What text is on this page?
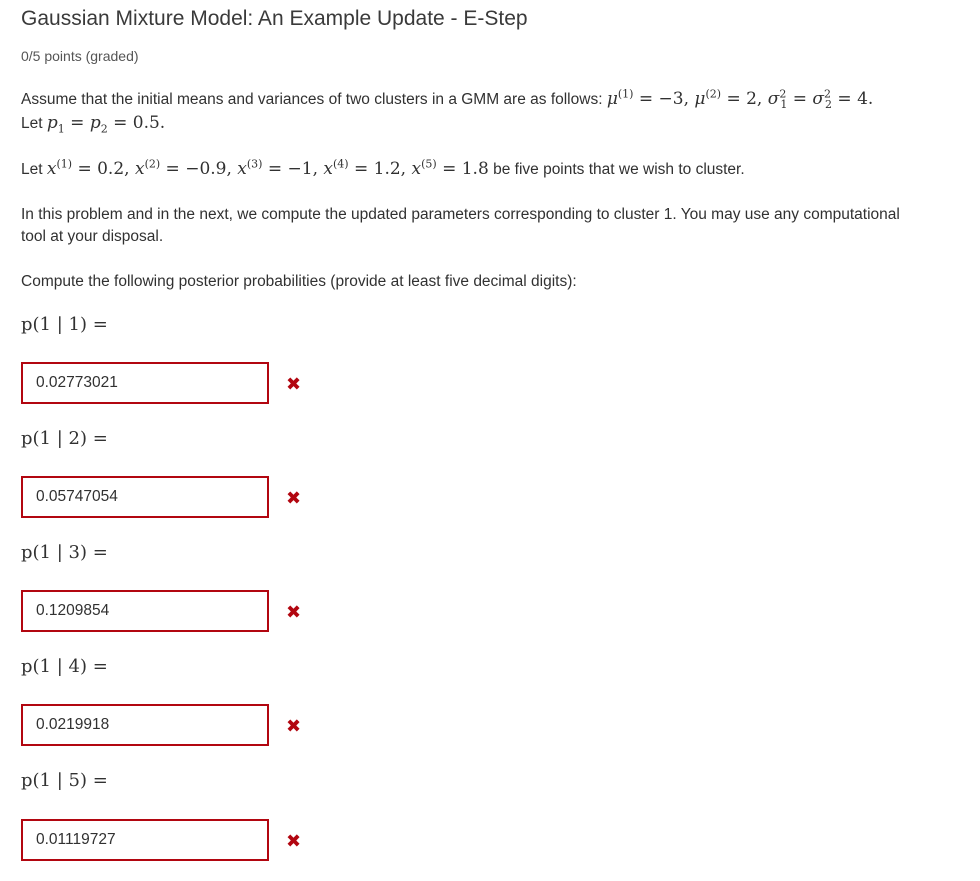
Gaussian Mixture Model: An Example Update - E-Step
0/5 points (graded)
Assume that the initial means and variances of two clusters in a GMM are as follows: $\mu^{(1)} = -3$, $\mu^{(2)} = 2$, $\sigma^2_1 = \sigma^2_2 = 4$.
Let $p_1 = p_2 = 0.5$.
Let $x^{(1)} = 0.2$, $x^{(2)} = -0.9$, $x^{(3)} = -1$, $x^{(4)} = 1.2$, $x^{(5)} = 1.8$ be five points that we wish to cluster.
In this problem and in the next, we compute the updated parameters corresponding to cluster 1. You may use any computational tool at your disposal.
Compute the following posterior probabilities (provide at least five decimal digits):
p(1 | 1) =
0.02773021	✖
p(1 | 2) =
0.05747054	✖
p(1 | 3) =
0.1209854	✖
p(1 | 4) =
0.0219918	✖
p(1 | 5) =
0.01119727	✖
